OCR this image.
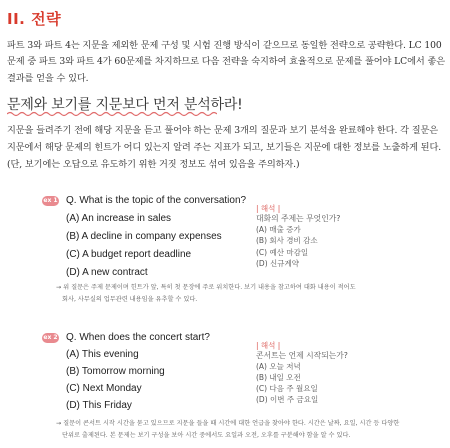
II. 전략

파트 3와 파트 4는 지문을 제외한 문제 구성 및 시험 진행 방식이 같으므로 동일한 전략으로 공략한다. LC 100문제 중 파트 3와 파트 4가 60문제를 차지하므로 다음 전략을 숙지하여 효율적으로 문제를 풀어야 LC에서 좋은 결과를 얻을 수 있다.

문제와 보기를 지문보다 먼저 분석하라!

지문을 들려주기 전에 해당 지문을 듣고 풀어야 하는 문제 3개의 질문과 보기 분석을 완료해야 한다. 각 질문은 지문에서 해당 문제의 힌트가 어디 있는지 알려 주는 지표가 되고, 보기들은 지문에 대한 정보를 노출하게 된다.(단, 보기에는 오답으로 유도하기 위한 거짓 정보도 섞여 있음을 주의하자.)

ex 1 Q. What is the topic of the conversation?
(A) An increase in sales
(B) A decline in company expenses
(C) A budget report deadline
(D) A new contract
| 해석 |
대화의 주제는 무엇인가?
(A) 매출 증가
(B) 회사 경비 감소
(C) 예산 마감일
(D) 신규계약
→ 위 질문은 주제 문제이며 힌트가 앞, 특히 첫 문장에 주로 위치한다. 보기 내용을 참고하여 대화 내용이 적어도
회사, 사무실의 업무관련 내용임을 유추할 수 있다.
ex 2 Q. When does the concert start?
(A) This evening
(B) Tomorrow morning
(C) Next Monday
(D) This Friday
| 해석 |
콘서트는 언제 시작되는가?
(A) 오늘 저녁
(B) 내일 오전
(C) 다음 주 월요일
(D) 이번 주 금요일
→ 질문이 콘서트 시작 시간을 묻고 있으므로 지문을 들을 때 시간에 대한 언급을 찾아야 한다. 시간은 날짜, 요일, 시간 등 다양한
단위로 출제된다. 본 문제는 보기 구성을 보아 시간 중에서도 요일과 오전, 오후를 구분해야 함을 알 수 있다.
